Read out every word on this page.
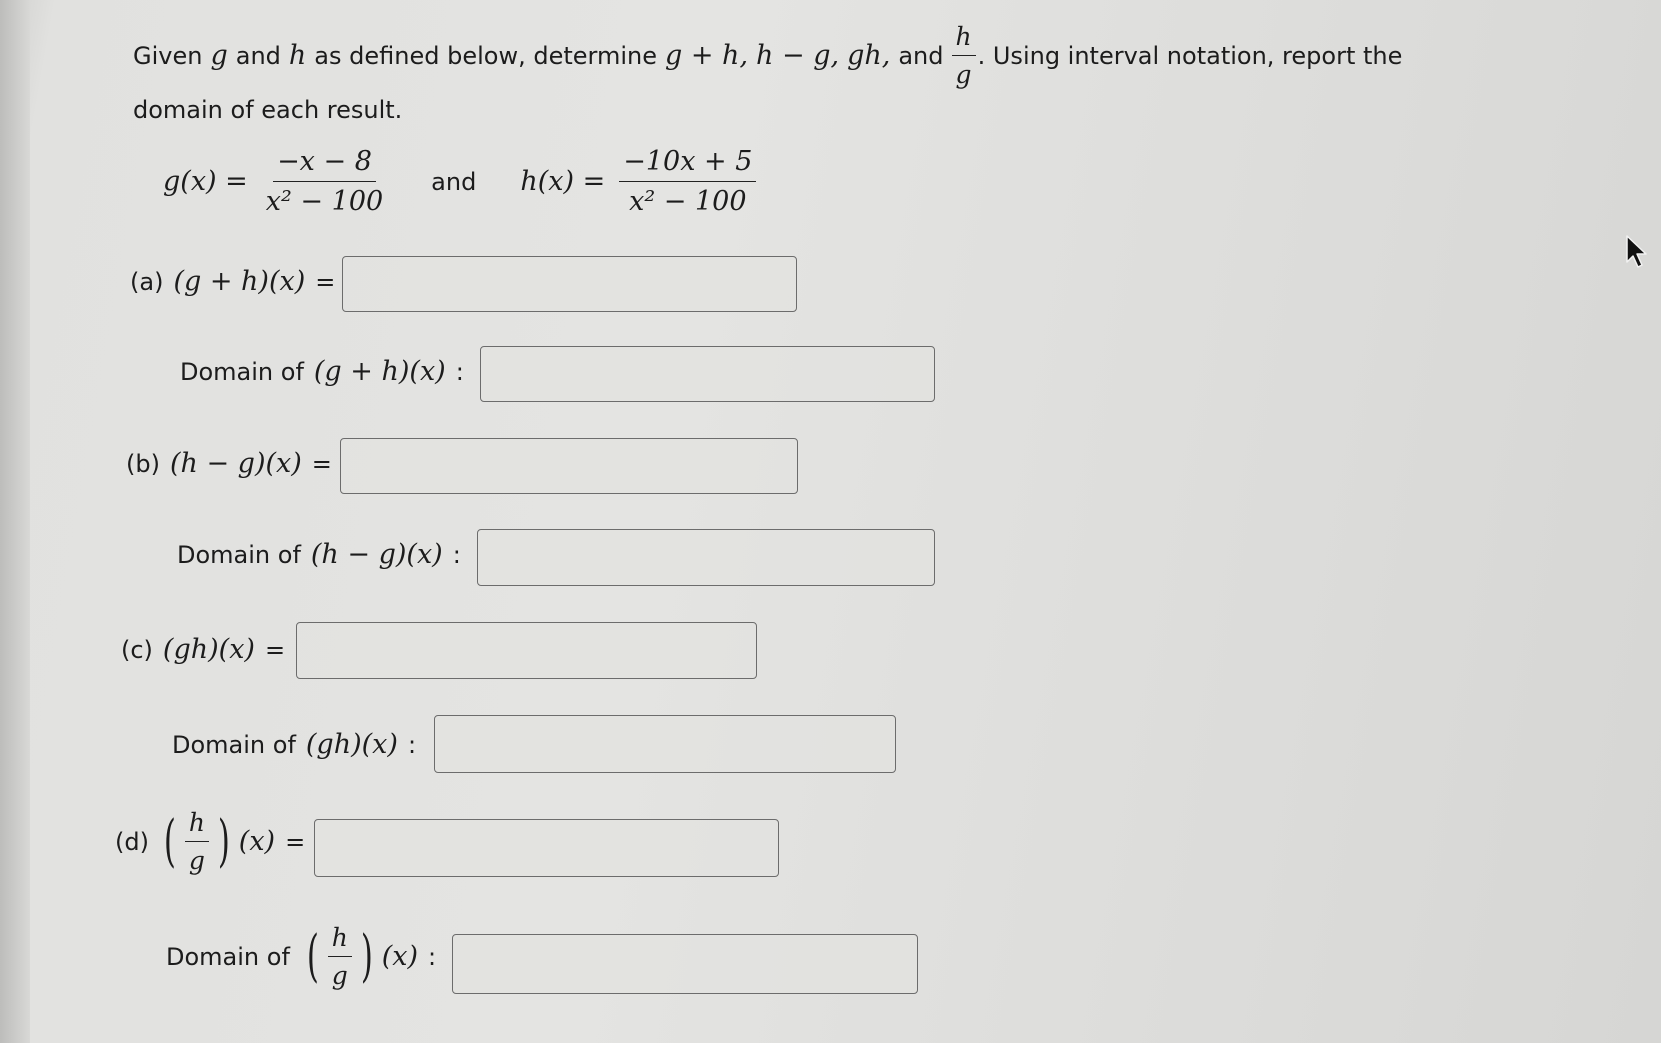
Given g and h as defined below, determine g + h, h − g, gh, and $\frac{h}{g}$ . Using interval notation, report the
domain of each result.
$g(x) = \frac{-x - 8}{\text{x² − 100}}$ and $h(x) = \frac{-10x + 5}{\text{x² − 100}}$
(a) (g + h)(x) =
Domain of (g + h)(x) :
(b) (h − g)(x) =
Domain of (h − g)(x) :
(c) (gh)(x) =
Domain of (gh)(x) :
(d) ( $\frac{h}{g}$ ) (x) =
Domain of ( $\frac{h}{g}$ ) (x) :
